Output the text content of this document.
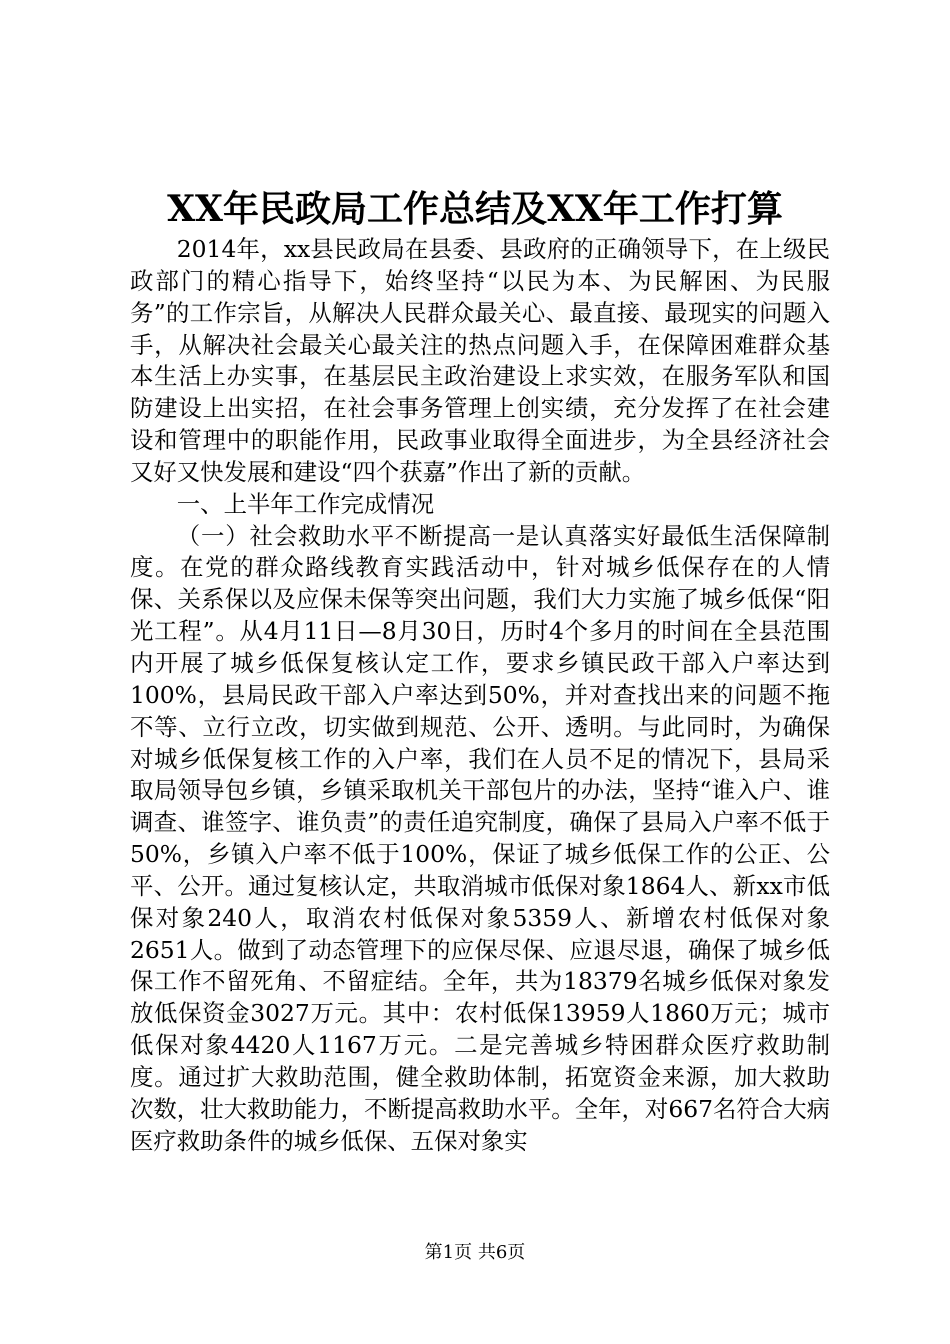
XX年民政局工作总结及XX年工作打算

2014年，xx县民政局在县委、县政府的正确领导下，在上级民政部门的精心指导下，始终坚持“以民为本、为民解困、为民服务”的工作宗旨，从解决人民群众最关心、最直接、最现实的问题入手，从解决社会最关心最关注的热点问题入手，在保障困难群众基本生活上办实事，在基层民主政治建设上求实效，在服务军队和国防建设上出实招，在社会事务管理上创实绩，充分发挥了在社会建设和管理中的职能作用，民政事业取得全面进步，为全县经济社会又好又快发展和建设“四个获嘉”作出了新的贡献。

一、上半年工作完成情况

（一）社会救助水平不断提高一是认真落实好最低生活保障制度。在党的群众路线教育实践活动中，针对城乡低保存在的人情保、关系保以及应保未保等突出问题，我们大力实施了城乡低保“阳光工程”。从4月11日—8月30日，历时4个多月的时间在全县范围内开展了城乡低保复核认定工作，要求乡镇民政干部入户率达到100%，县局民政干部入户率达到50%，并对查找出来的问题不拖不等、立行立改，切实做到规范、公开、透明。与此同时，为确保对城乡低保复核工作的入户率，我们在人员不足的情况下，县局采取局领导包乡镇，乡镇采取机关干部包片的办法，坚持“谁入户、谁调查、谁签字、谁负责”的责任追究制度，确保了县局入户率不低于50%，乡镇入户率不低于100%，保证了城乡低保工作的公正、公平、公开。通过复核认定，共取消城市低保对象1864人、新xx市低保对象240人，取消农村低保对象5359人、新增农村低保对象2651人。做到了动态管理下的应保尽保、应退尽退，确保了城乡低保工作不留死角、不留症结。全年，共为18379名城乡低保对象发放低保资金3027万元。其中：农村低保13959人1860万元；城市低保对象4420人1167万元。二是完善城乡特困群众医疗救助制度。通过扩大救助范围，健全救助体制，拓宽资金来源，加大救助次数，壮大救助能力，不断提高救助水平。全年，对667名符合大病医疗救助条件的城乡低保、五保对象实

第1页 共6页
